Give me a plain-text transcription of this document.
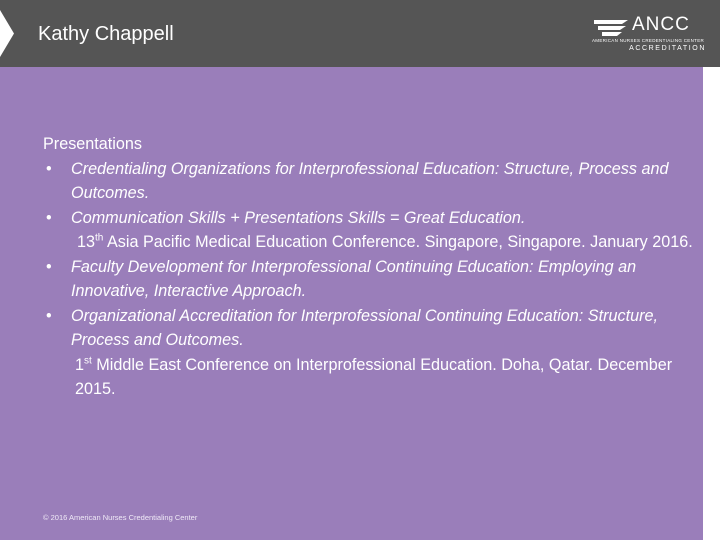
Kathy Chappell	ANCC
AMERICAN NURSES CREDENTIALING CENTER
ACCREDITATION
Presentations
•	Credentialing Organizations for Interprofessional Education: Structure, Process and Outcomes.
•	Communication Skills + Presentations Skills = Great Education.
13th Asia Pacific Medical Education Conference. Singapore, Singapore. January 2016.
•	Faculty Development for Interprofessional Continuing Education: Employing an Innovative, Interactive Approach.
•	Organizational Accreditation for Interprofessional Continuing Education: Structure, Process and Outcomes.
1st Middle East Conference on Interprofessional Education. Doha, Qatar. December 2015.
© 2016 American Nurses Credentialing Center
